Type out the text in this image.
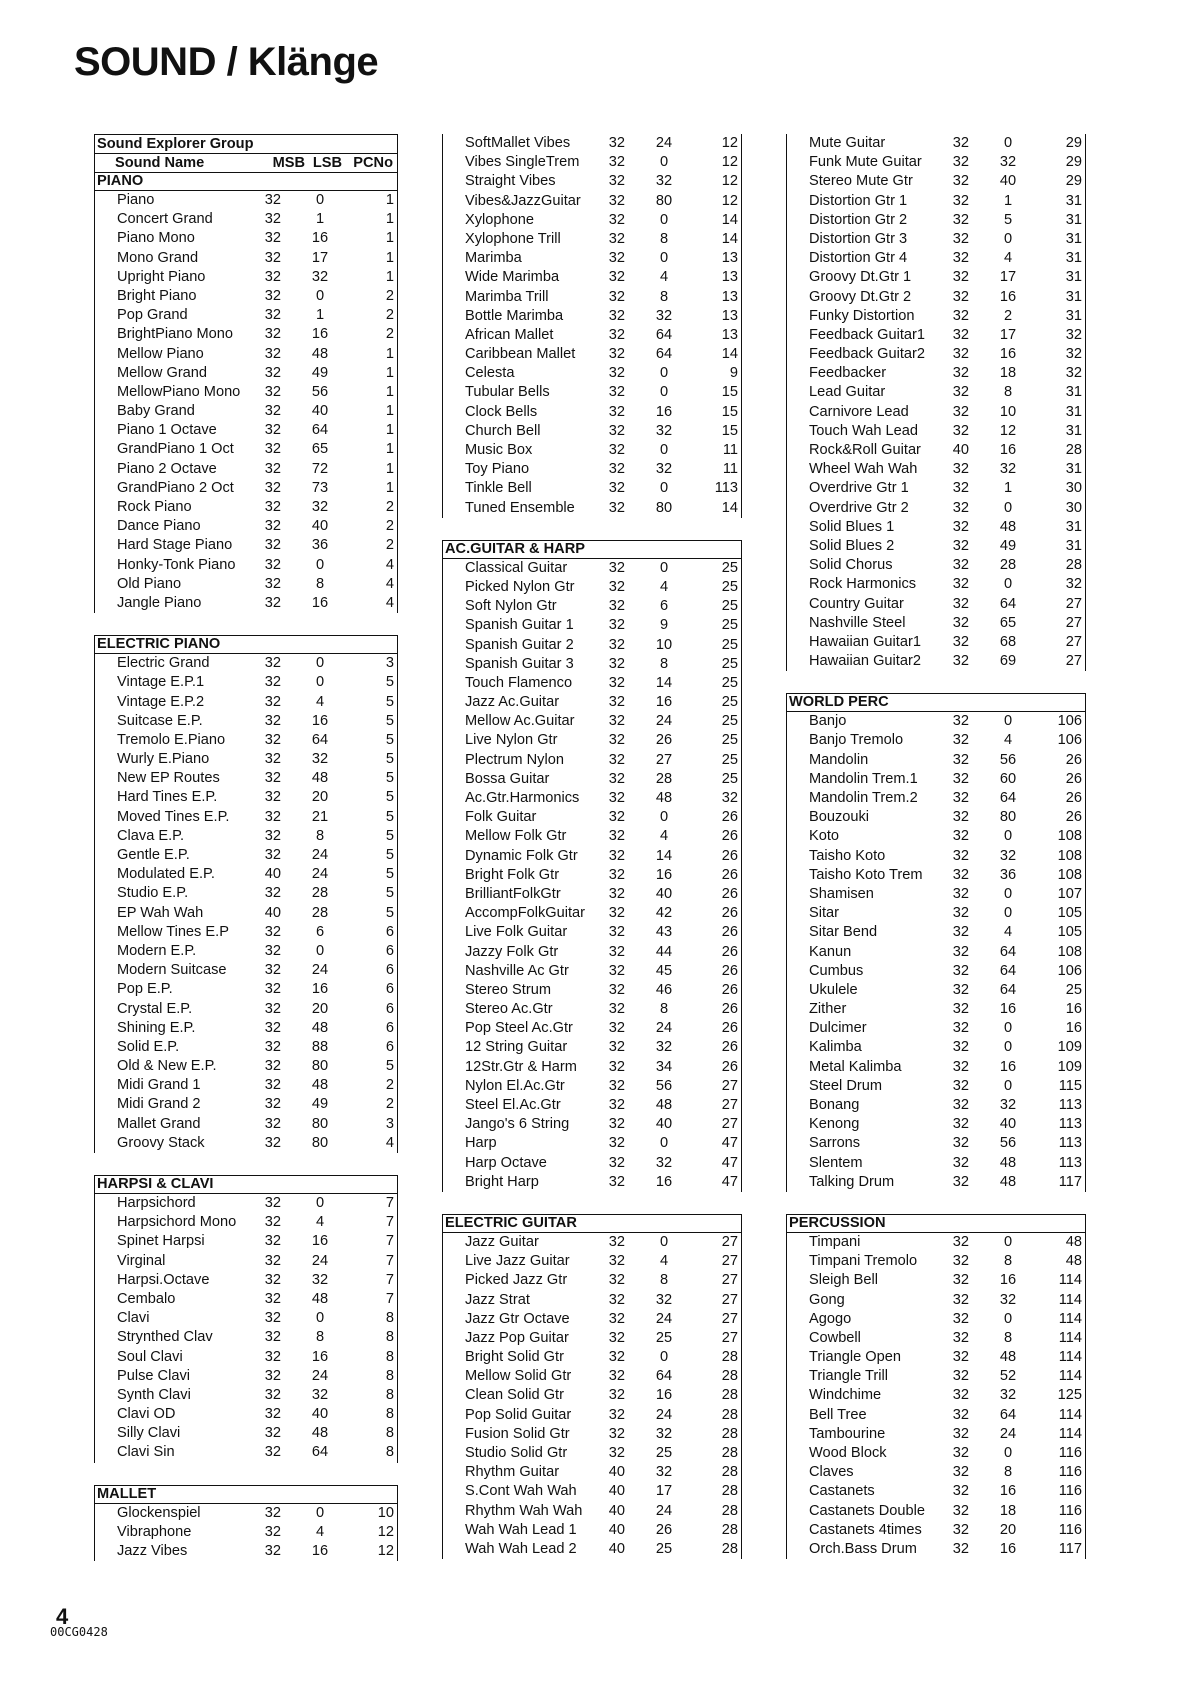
SOUND / Klänge
Sound Explorer Group
Sound Name	MSB LSB PCNo
PIANO
Piano	32	0	1
Concert Grand	32	1	1
Piano Mono	32	16	1
Mono Grand	32	17	1
Upright Piano	32	32	1
Bright Piano	32	0	2
Pop Grand	32	1	2
BrightPiano Mono	32	16	2
Mellow Piano	32	48	1
Mellow Grand	32	49	1
MellowPiano Mono	32	56	1
Baby Grand	32	40	1
Piano 1 Octave	32	64	1
GrandPiano 1 Oct	32	65	1
Piano 2 Octave	32	72	1
GrandPiano 2 Oct	32	73	1
Rock Piano	32	32	2
Dance Piano	32	40	2
Hard Stage Piano	32	36	2
Honky-Tonk Piano	32	0	4
Old Piano	32	8	4
Jangle Piano	32	16	4
ELECTRIC PIANO
Electric Grand	32	0	3
Vintage E.P.1	32	0	5
Vintage E.P.2	32	4	5
Suitcase E.P.	32	16	5
Tremolo E.Piano	32	64	5
Wurly E.Piano	32	32	5
New EP Routes	32	48	5
Hard Tines E.P.	32	20	5
Moved Tines E.P.	32	21	5
Clava E.P.	32	8	5
Gentle E.P.	32	24	5
Modulated E.P.	40	24	5
Studio E.P.	32	28	5
EP Wah Wah	40	28	5
Mellow Tines E.P	32	6	6
Modern E.P.	32	0	6
Modern Suitcase	32	24	6
Pop E.P.	32	16	6
Crystal E.P.	32	20	6
Shining E.P.	32	48	6
Solid E.P.	32	88	6
Old & New E.P.	32	80	5
Midi Grand 1	32	48	2
Midi Grand 2	32	49	2
Mallet Grand	32	80	3
Groovy Stack	32	80	4
HARPSI & CLAVI
Harpsichord	32	0	7
Harpsichord Mono	32	4	7
Spinet Harpsi	32	16	7
Virginal	32	24	7
Harpsi.Octave	32	32	7
Cembalo	32	48	7
Clavi	32	0	8
Strynthed Clav	32	8	8
Soul Clavi	32	16	8
Pulse Clavi	32	24	8
Synth Clavi	32	32	8
Clavi OD	32	40	8
Silly Clavi	32	48	8
Clavi Sin	32	64	8
MALLET
Glockenspiel	32	0	10
Vibraphone	32	4	12
Jazz Vibes	32	16	12
SoftMallet Vibes	32	24	12
Vibes SingleTrem	32	0	12
Straight Vibes	32	32	12
Vibes&JazzGuitar	32	80	12
Xylophone	32	0	14
Xylophone Trill	32	8	14
Marimba	32	0	13
Wide Marimba	32	4	13
Marimba Trill	32	8	13
Bottle Marimba	32	32	13
African Mallet	32	64	13
Caribbean Mallet	32	64	14
Celesta	32	0	9
Tubular Bells	32	0	15
Clock Bells	32	16	15
Church Bell	32	32	15
Music Box	32	0	11
Toy Piano	32	32	11
Tinkle Bell	32	0	113
Tuned Ensemble	32	80	14
AC.GUITAR & HARP
Classical Guitar	32	0	25
Picked Nylon Gtr	32	4	25
Soft Nylon Gtr	32	6	25
Spanish Guitar 1	32	9	25
Spanish Guitar 2	32	10	25
Spanish Guitar 3	32	8	25
Touch Flamenco	32	14	25
Jazz Ac.Guitar	32	16	25
Mellow Ac.Guitar	32	24	25
Live Nylon Gtr	32	26	25
Plectrum Nylon	32	27	25
Bossa Guitar	32	28	25
Ac.Gtr.Harmonics	32	48	32
Folk Guitar	32	0	26
Mellow Folk Gtr	32	4	26
Dynamic Folk Gtr	32	14	26
Bright Folk Gtr	32	16	26
BrilliantFolkGtr	32	40	26
AccompFolkGuitar	32	42	26
Live Folk Guitar	32	43	26
Jazzy Folk Gtr	32	44	26
Nashville Ac Gtr	32	45	26
Stereo Strum	32	46	26
Stereo Ac.Gtr	32	8	26
Pop Steel Ac.Gtr	32	24	26
12 String Guitar	32	32	26
12Str.Gtr & Harm	32	34	26
Nylon El.Ac.Gtr	32	56	27
Steel El.Ac.Gtr	32	48	27
Jango's 6 String	32	40	27
Harp	32	0	47
Harp Octave	32	32	47
Bright Harp	32	16	47
ELECTRIC GUITAR
Jazz Guitar	32	0	27
Live Jazz Guitar	32	4	27
Picked Jazz Gtr	32	8	27
Jazz Strat	32	32	27
Jazz Gtr Octave	32	24	27
Jazz Pop Guitar	32	25	27
Bright Solid Gtr	32	0	28
Mellow Solid Gtr	32	64	28
Clean Solid Gtr	32	16	28
Pop Solid Guitar	32	24	28
Fusion Solid Gtr	32	32	28
Studio Solid Gtr	32	25	28
Rhythm Guitar	40	32	28
S.Cont Wah Wah	40	17	28
Rhythm Wah Wah	40	24	28
Wah Wah Lead 1	40	26	28
Wah Wah Lead 2	40	25	28
Mute Guitar	32	0	29
Funk Mute Guitar	32	32	29
Stereo Mute Gtr	32	40	29
Distortion Gtr 1	32	1	31
Distortion Gtr 2	32	5	31
Distortion Gtr 3	32	0	31
Distortion Gtr 4	32	4	31
Groovy Dt.Gtr 1	32	17	31
Groovy Dt.Gtr 2	32	16	31
Funky Distortion	32	2	31
Feedback Guitar1	32	17	32
Feedback Guitar2	32	16	32
Feedbacker	32	18	32
Lead Guitar	32	8	31
Carnivore Lead	32	10	31
Touch Wah Lead	32	12	31
Rock&Roll Guitar	40	16	28
Wheel Wah Wah	32	32	31
Overdrive Gtr 1	32	1	30
Overdrive Gtr 2	32	0	30
Solid Blues 1	32	48	31
Solid Blues 2	32	49	31
Solid Chorus	32	28	28
Rock Harmonics	32	0	32
Country Guitar	32	64	27
Nashville Steel	32	65	27
Hawaiian Guitar1	32	68	27
Hawaiian Guitar2	32	69	27
WORLD PERC
Banjo	32	0	106
Banjo Tremolo	32	4	106
Mandolin	32	56	26
Mandolin Trem.1	32	60	26
Mandolin Trem.2	32	64	26
Bouzouki	32	80	26
Koto	32	0	108
Taisho Koto	32	32	108
Taisho Koto Trem	32	36	108
Shamisen	32	0	107
Sitar	32	0	105
Sitar Bend	32	4	105
Kanun	32	64	108
Cumbus	32	64	106
Ukulele	32	64	25
Zither	32	16	16
Dulcimer	32	0	16
Kalimba	32	0	109
Metal Kalimba	32	16	109
Steel Drum	32	0	115
Bonang	32	32	113
Kenong	32	40	113
Sarrons	32	56	113
Slentem	32	48	113
Talking Drum	32	48	117
PERCUSSION
Timpani	32	0	48
Timpani Tremolo	32	8	48
Sleigh Bell	32	16	114
Gong	32	32	114
Agogo	32	0	114
Cowbell	32	8	114
Triangle Open	32	48	114
Triangle Trill	32	52	114
Windchime	32	32	125
Bell Tree	32	64	114
Tambourine	32	24	114
Wood Block	32	0	116
Claves	32	8	116
Castanets	32	16	116
Castanets Double	32	18	116
Castanets 4times	32	20	116
Orch.Bass Drum	32	16	117
4
00CG0428
